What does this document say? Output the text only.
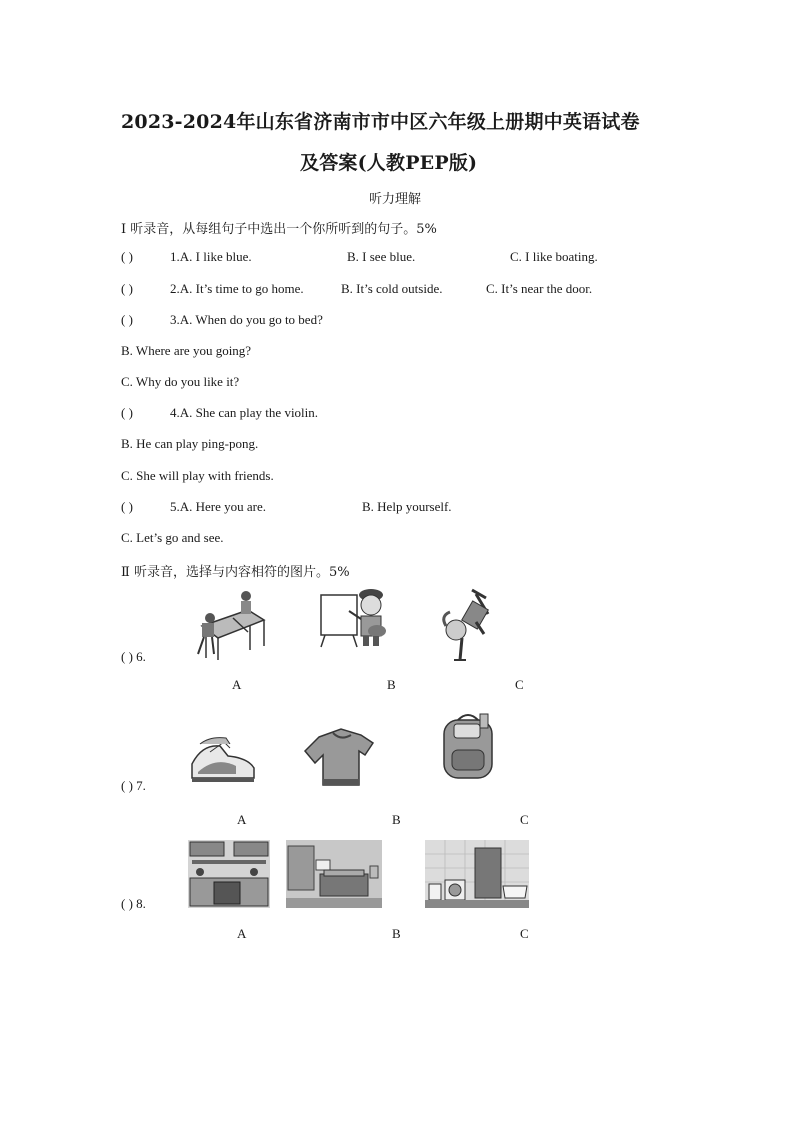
2023-2024年山东省济南市市中区六年级上册期中英语试卷
及答案(人教PEP版)
听力理解
I 听录音，从每组句子中选出一个你所听到的句子。5%
( )	1.A. I like blue.	B. I see blue.	C. I like boating.
( )	2.A. It’s time to go home.	B. It’s cold outside.	C. It’s near the door.
( )	3.A. When do you go to bed?
B. Where are you going?
C. Why do you like it?
( )	4.A. She can play the violin.
B. He can play ping-pong.
C. She will play with friends.
( )	5.A. Here you are.	B. Help yourself.
C. Let’s go and see.
Ⅱ 听录音，选择与内容相符的图片。5%
( ) 6.
A	B	C
( ) 7.
A	B	C
( ) 8.
A	B	C
